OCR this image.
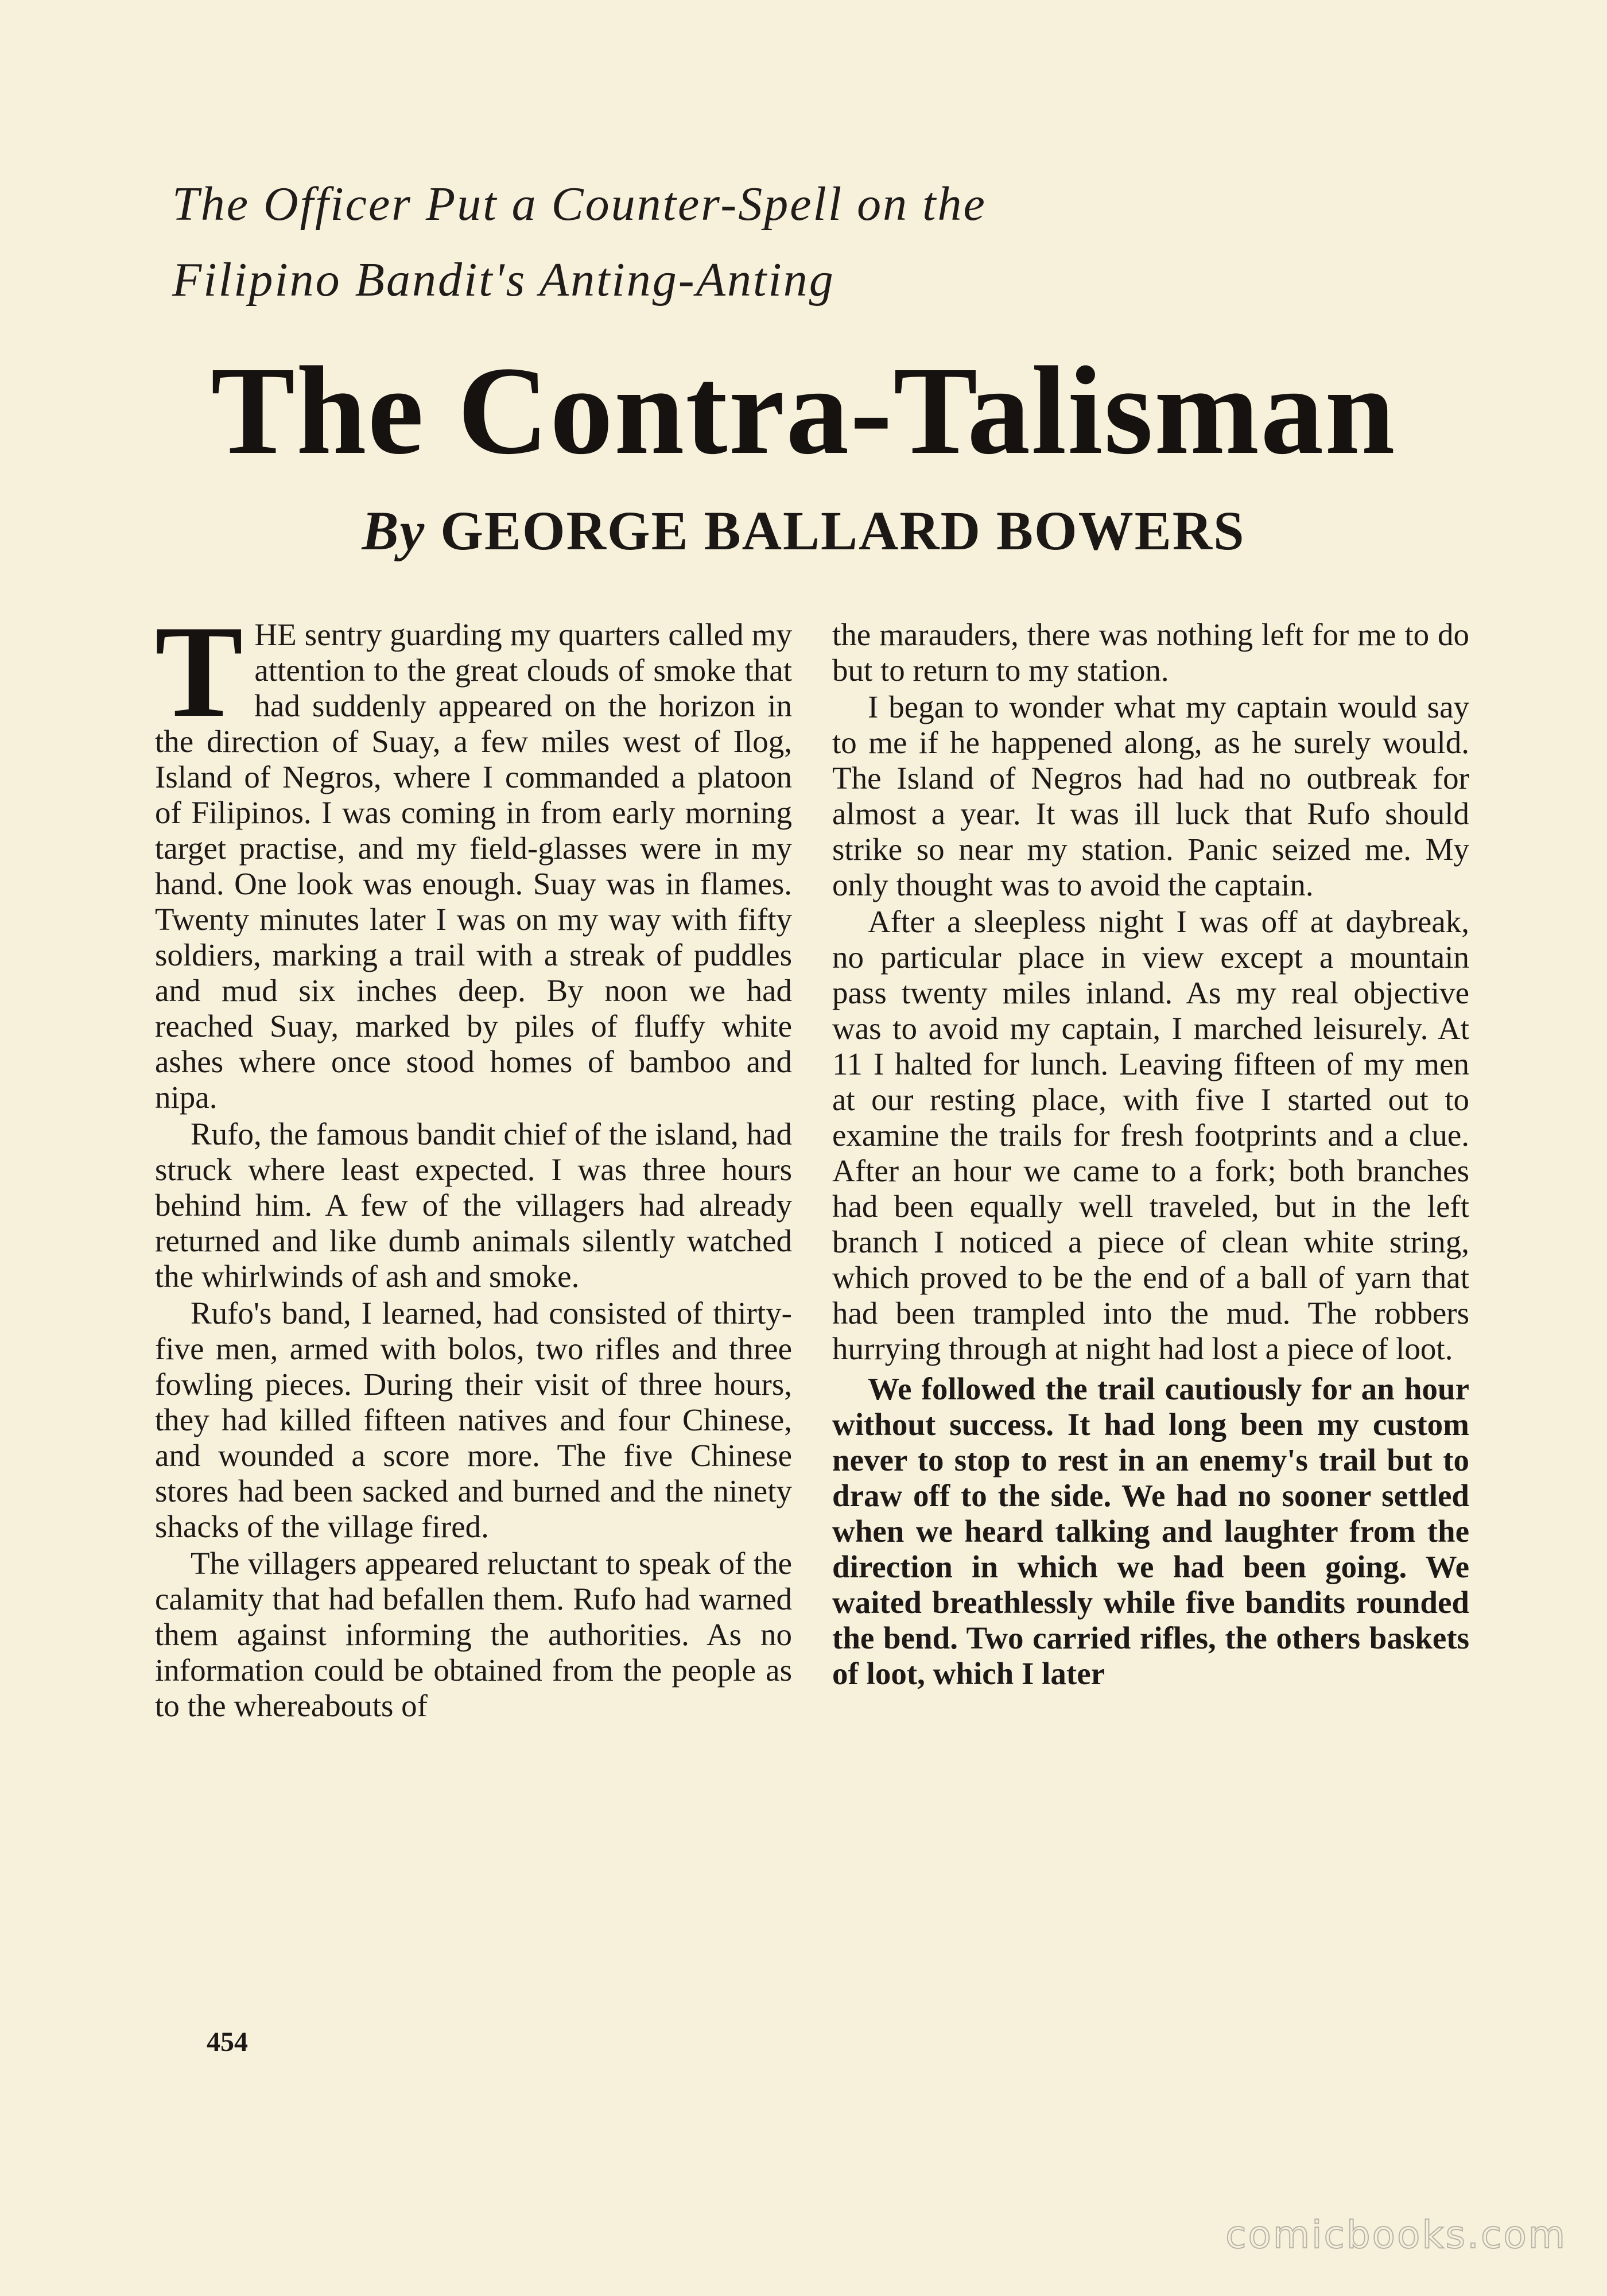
The Officer Put a Counter-Spell on the
Filipino Bandit's Anting-Anting
The Contra-Talisman
By GEORGE BALLARD BOWERS

THE sentry guarding my quarters called my attention to the great clouds of smoke that had suddenly appeared on the horizon in the direction of Suay, a few miles west of Ilog, Island of Negros, where I commanded a platoon of Filipinos. I was coming in from early morning target practise, and my field-glasses were in my hand. One look was enough. Suay was in flames. Twenty minutes later I was on my way with fifty soldiers, marking a trail with a streak of puddles and mud six inches deep. By noon we had reached Suay, marked by piles of fluffy white ashes where once stood homes of bamboo and nipa.

Rufo, the famous bandit chief of the island, had struck where least expected. I was three hours behind him. A few of the villagers had already returned and like dumb animals silently watched the whirlwinds of ash and smoke.

Rufo's band, I learned, had consisted of thirty-five men, armed with bolos, two rifles and three fowling pieces. During their visit of three hours, they had killed fifteen natives and four Chinese, and wounded a score more. The five Chinese stores had been sacked and burned and the ninety shacks of the village fired.

The villagers appeared reluctant to speak of the calamity that had befallen them. Rufo had warned them against informing the authorities. As no information could be obtained from the people as to the whereabouts of

the marauders, there was nothing left for me to do but to return to my station.

I began to wonder what my captain would say to me if he happened along, as he surely would. The Island of Negros had had no outbreak for almost a year. It was ill luck that Rufo should strike so near my station. Panic seized me. My only thought was to avoid the captain.

After a sleepless night I was off at daybreak, no particular place in view except a mountain pass twenty miles inland. As my real objective was to avoid my captain, I marched leisurely. At 11 I halted for lunch. Leaving fifteen of my men at our resting place, with five I started out to examine the trails for fresh footprints and a clue. After an hour we came to a fork; both branches had been equally well traveled, but in the left branch I noticed a piece of clean white string, which proved to be the end of a ball of yarn that had been trampled into the mud. The robbers hurrying through at night had lost a piece of loot.

We followed the trail cautiously for an hour without success. It had long been my custom never to stop to rest in an enemy's trail but to draw off to the side. We had no sooner settled when we heard talking and laughter from the direction in which we had been going. We waited breathlessly while five bandits rounded the bend. Two carried rifles, the others baskets of loot, which I later

454
comicbooks.com
